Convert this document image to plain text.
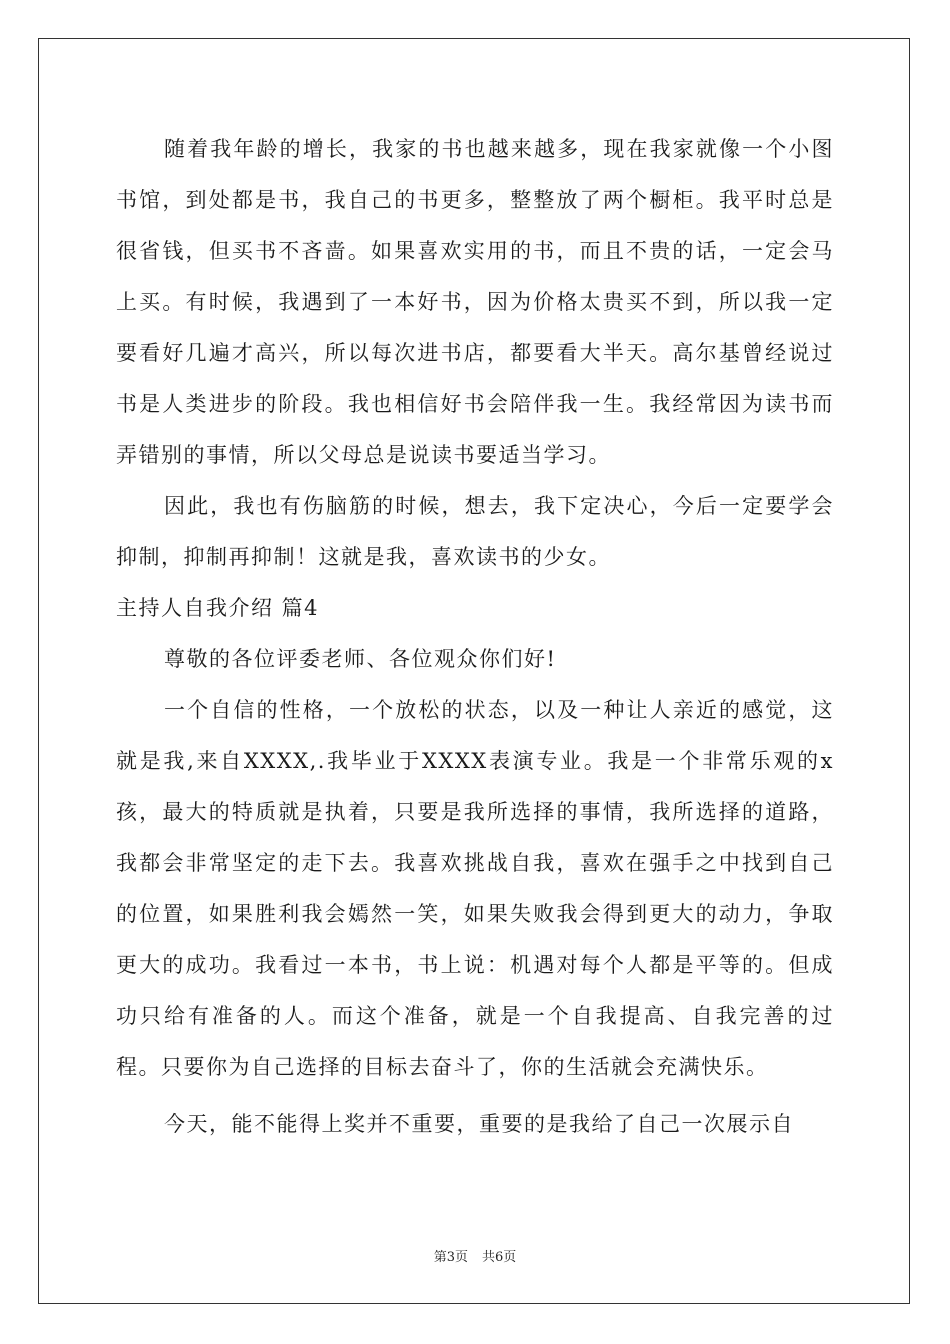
随着我年龄的增长，我家的书也越来越多，现在我家就像一个小图书馆，到处都是书，我自己的书更多，整整放了两个橱柜。我平时总是很省钱，但买书不吝啬。如果喜欢实用的书，而且不贵的话，一定会马上买。有时候，我遇到了一本好书，因为价格太贵买不到，所以我一定要看好几遍才高兴，所以每次进书店，都要看大半天。高尔基曾经说过书是人类进步的阶段。我也相信好书会陪伴我一生。我经常因为读书而弄错别的事情，所以父母总是说读书要适当学习。

因此，我也有伤脑筋的时候，想去，我下定决心，今后一定要学会抑制，抑制再抑制！这就是我，喜欢读书的少女。

主持人自我介绍 篇4

尊敬的各位评委老师、各位观众你们好!

一个自信的性格，一个放松的状态，以及一种让人亲近的感觉，这就是我,来自XXXX,.我毕业于XXXX表演专业。我是一个非常乐观的x孩，最大的特质就是执着，只要是我所选择的事情，我所选择的道路，我都会非常坚定的走下去。我喜欢挑战自我，喜欢在强手之中找到自己的位置，如果胜利我会嫣然一笑，如果失败我会得到更大的动力，争取更大的成功。我看过一本书，书上说：机遇对每个人都是平等的。但成功只给有准备的人。而这个准备，就是一个自我提高、自我完善的过程。只要你为自己选择的目标去奋斗了，你的生活就会充满快乐。

今天，能不能得上奖并不重要，重要的是我给了自己一次展示自

第3页 共6页
